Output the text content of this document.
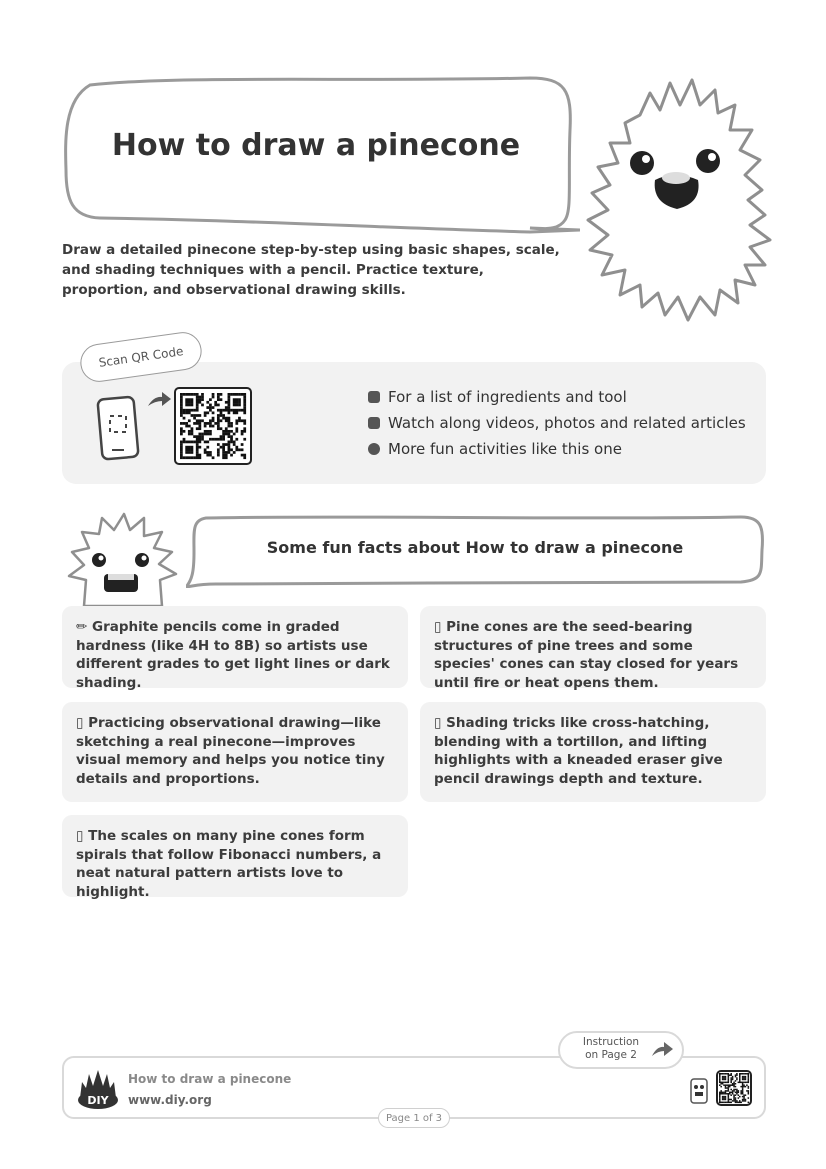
How to draw a pinecone
Draw a detailed pinecone step-by-step using basic shapes, scale, and shading techniques with a pencil. Practice texture, proportion, and observational drawing skills.
Scan QR Code
For a list of ingredients and tool
Watch along videos, photos and related articles
More fun activities like this one
Some fun facts about How to draw a pinecone
✏ Graphite pencils come in graded hardness (like 4H to 8B) so artists use different grades to get light lines or dark shading.
▯ Pine cones are the seed-bearing structures of pine trees and some species' cones can stay closed for years until fire or heat opens them.
▯ Practicing observational drawing—like sketching a real pinecone—improves visual memory and helps you notice tiny details and proportions.
▯ Shading tricks like cross-hatching, blending with a tortillon, and lifting highlights with a kneaded eraser give pencil drawings depth and texture.
▯ The scales on many pine cones form spirals that follow Fibonacci numbers, a neat natural pattern artists love to highlight.
Instruction
on Page 2
DIY
How to draw a pinecone
www.diy.org
Page 1 of 3
